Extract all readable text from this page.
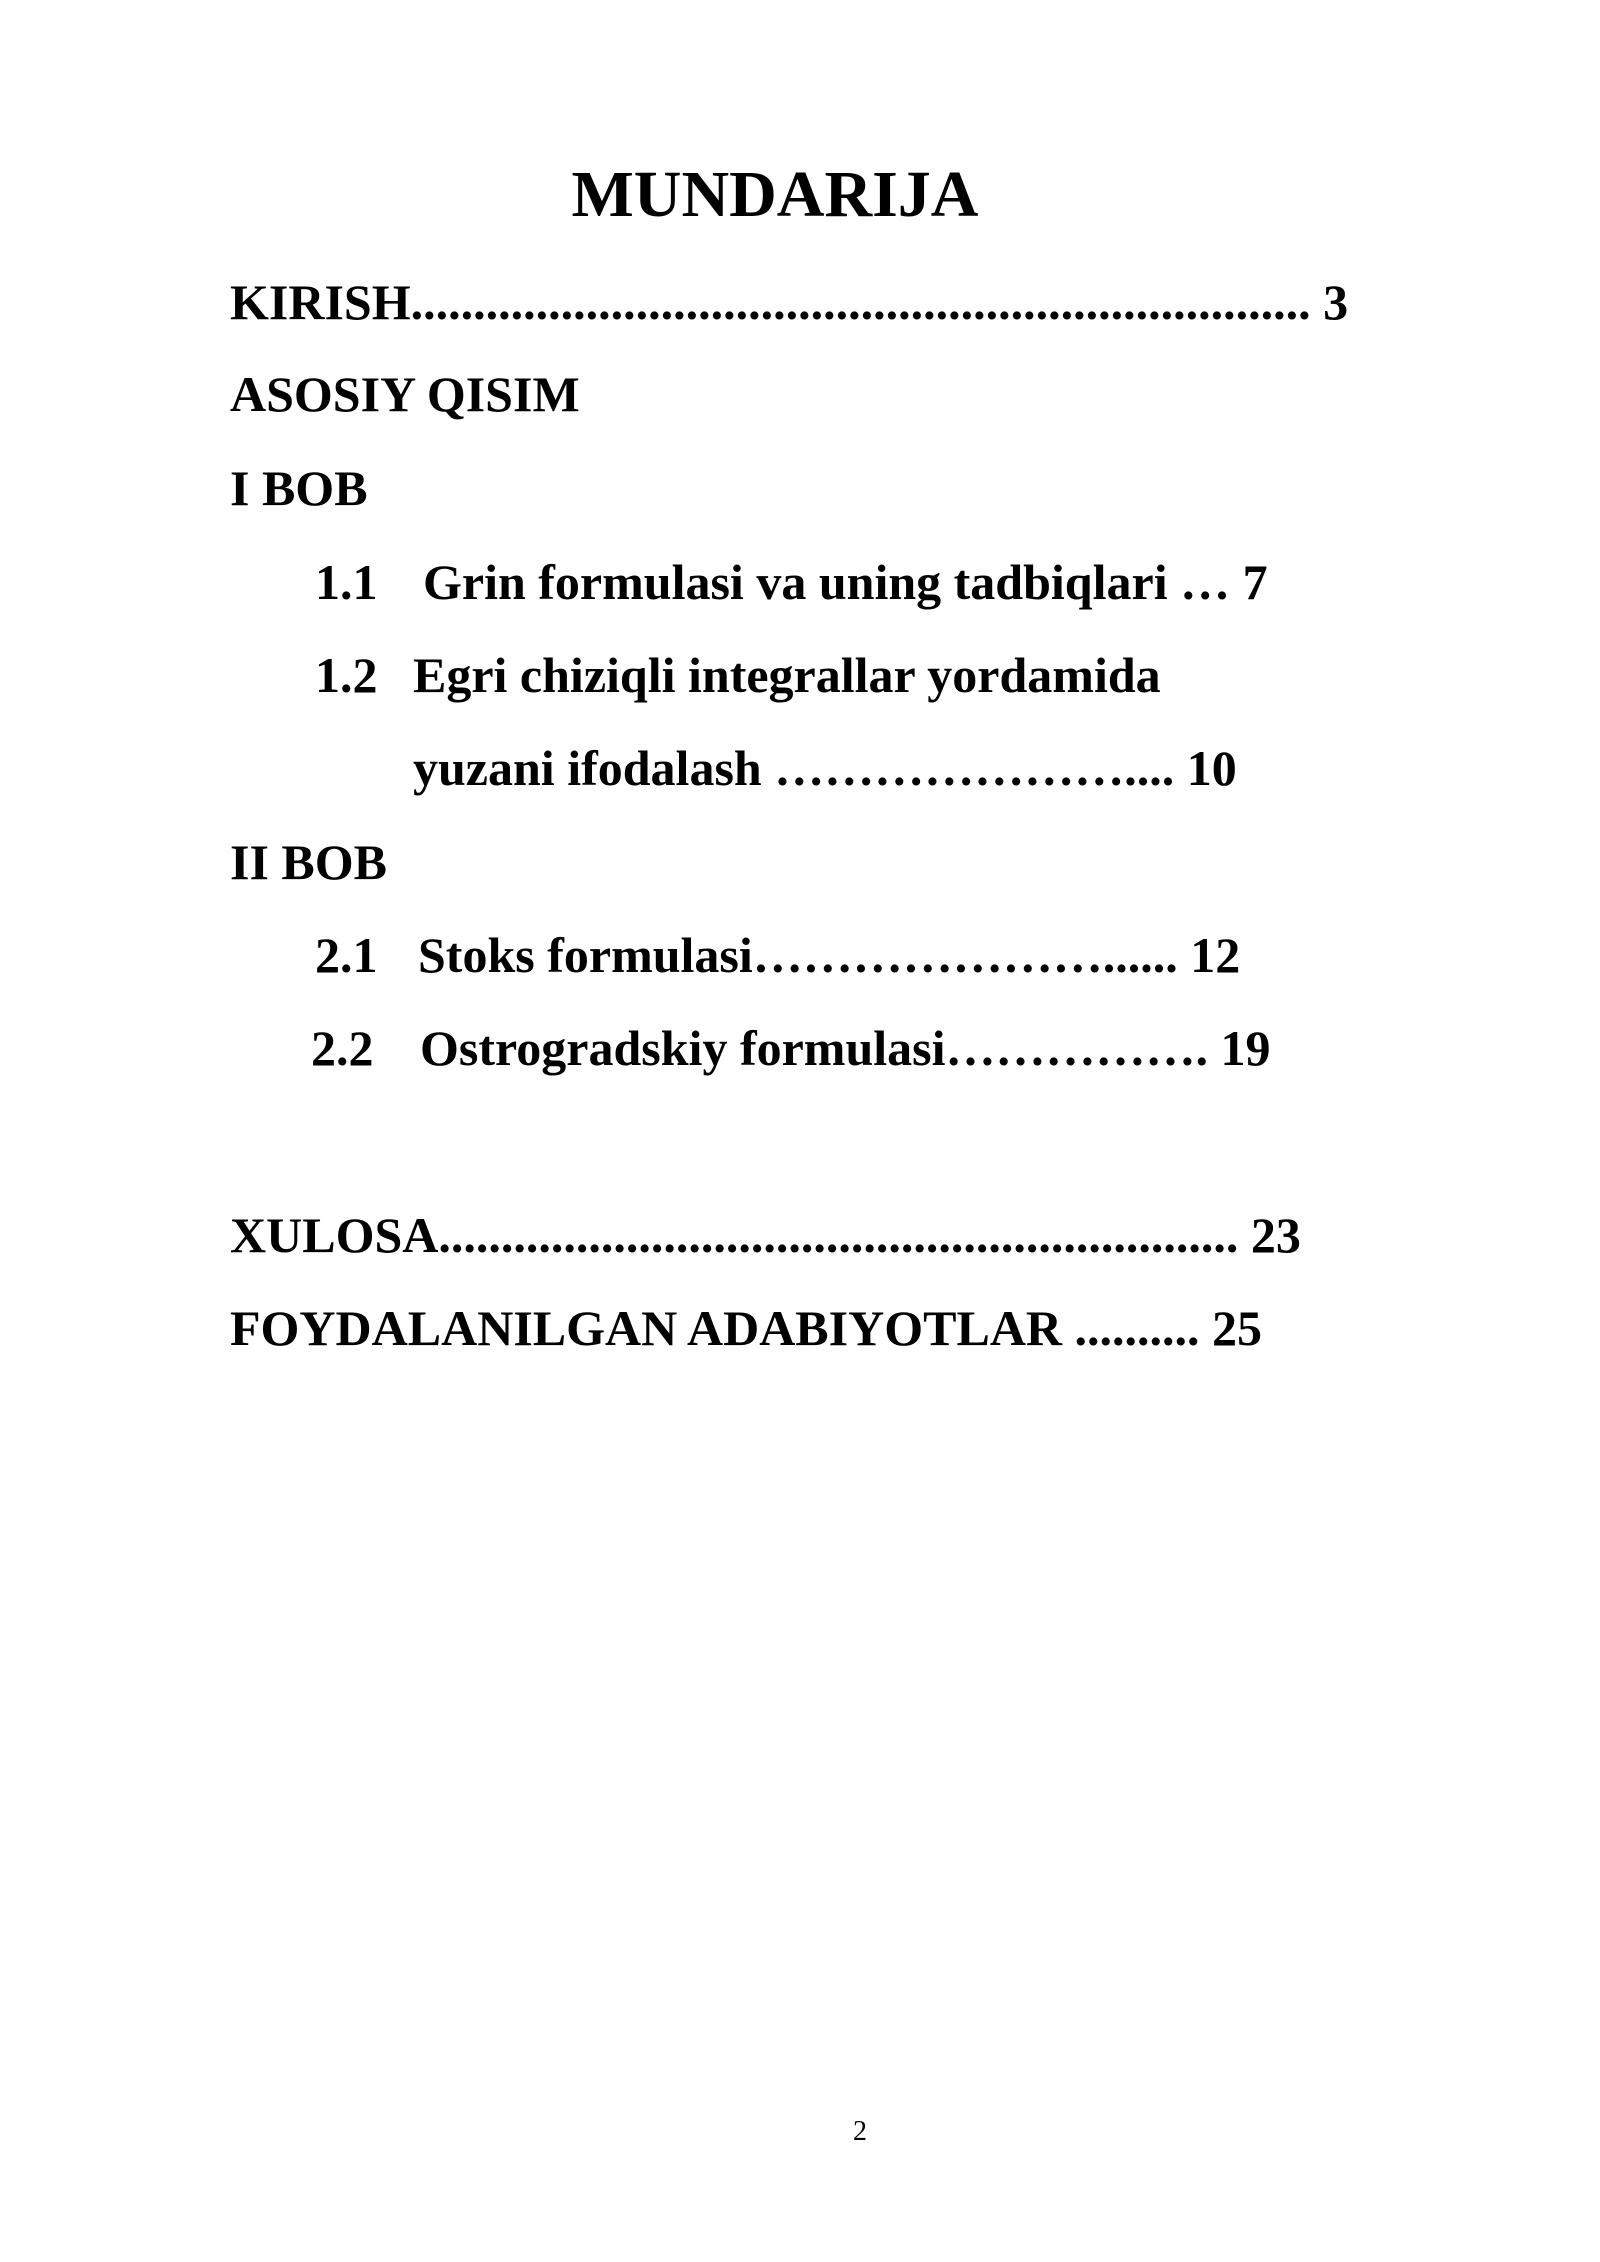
MUNDARIJA
KIRISH........................................................................ 3
ASOSIY QISIM
I BOB
1.1 Grin formulasi va uning tadbiqlari … 7
1.2 Egri chiziqli integrallar yordamida
yuzani ifodalash ………………….... 10
II BOB
2.1 Stoks formulasi…………………...... 12
2.2 Ostrogradskiy formulasi……………. 19
XULOSA................................................................ 23
FOYDALANILGAN ADABIYOTLAR .......... 25
2
